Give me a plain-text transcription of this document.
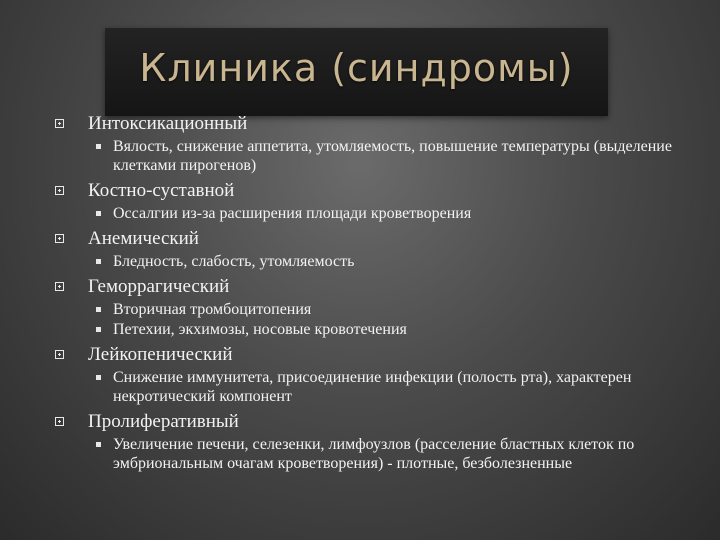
Клиника (синдромы)
Интоксикационный
Вялость, снижение аппетита, утомляемость, повышение температуры (выделение клетками пирогенов)
Костно-суставной
Оссалгии из-за расширения площади кроветворения
Анемический
Бледность, слабость, утомляемость
Геморрагический
Вторичная тромбоцитопения
Петехии, экхимозы, носовые кровотечения
Лейкопенический
Снижение иммунитета, присоединение инфекции (полость рта), характерен некротический компонент
Пролиферативный
Увеличение печени, селезенки, лимфоузлов (расселение бластных клеток по эмбриональным очагам кроветворения) - плотные, безболезненные
